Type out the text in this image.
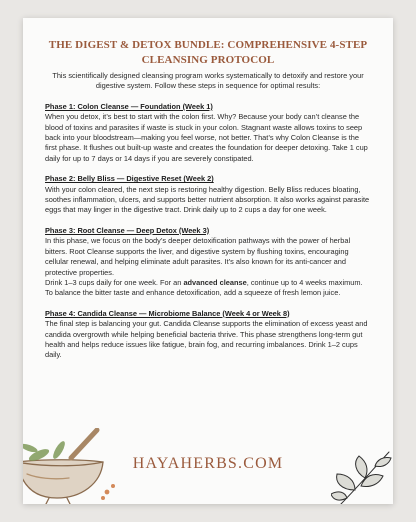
THE DIGEST & DETOX BUNDLE: COMPREHENSIVE 4-STEP CLEANSING PROTOCOL

This scientifically designed cleansing program works systematically to detoxify and restore your digestive system. Follow these steps in sequence for optimal results:

Phase 1: Colon Cleanse — Foundation (Week 1)

When you detox, it’s best to start with the colon first. Why? Because your body can’t cleanse the blood of toxins and parasites if waste is stuck in your colon. Stagnant waste allows toxins to seep back into your bloodstream—making you feel worse, not better. That’s why Colon Cleanse is the first phase. It flushes out built-up waste and creates the foundation for deeper detoxing. Take 1 cup daily for up to 7 days or 14 days if you are severely constipated.

Phase 2: Belly Bliss — Digestive Reset (Week 2)

With your colon cleared, the next step is restoring healthy digestion. Belly Bliss reduces bloating, soothes inflammation, ulcers, and supports better nutrient absorption. It also works against parasite eggs that may linger in the digestive tract. Drink daily up to 2 cups a day for one week.

Phase 3: Root Cleanse — Deep Detox (Week 3)

In this phase, we focus on the body’s deeper detoxification pathways with the power of herbal bitters. Root Cleanse supports the liver, and digestive system by flushing toxins, encouraging cellular renewal, and helping eliminate adult parasites. It’s also known for its anti-cancer and protective properties.

Drink 1–3 cups daily for one week. For an advanced cleanse, continue up to 4 weeks maximum. To balance the bitter taste and enhance detoxification, add a squeeze of fresh lemon juice.

Phase 4: Candida Cleanse — Microbiome Balance (Week 4 or Week 8)

The final step is balancing your gut. Candida Cleanse supports the elimination of excess yeast and candida overgrowth while helping beneficial bacteria thrive. This phase strengthens long-term gut health and helps reduce issues like fatigue, brain fog, and recurring imbalances. Drink 1–2 cups daily.

HAYAHERBS.COM
